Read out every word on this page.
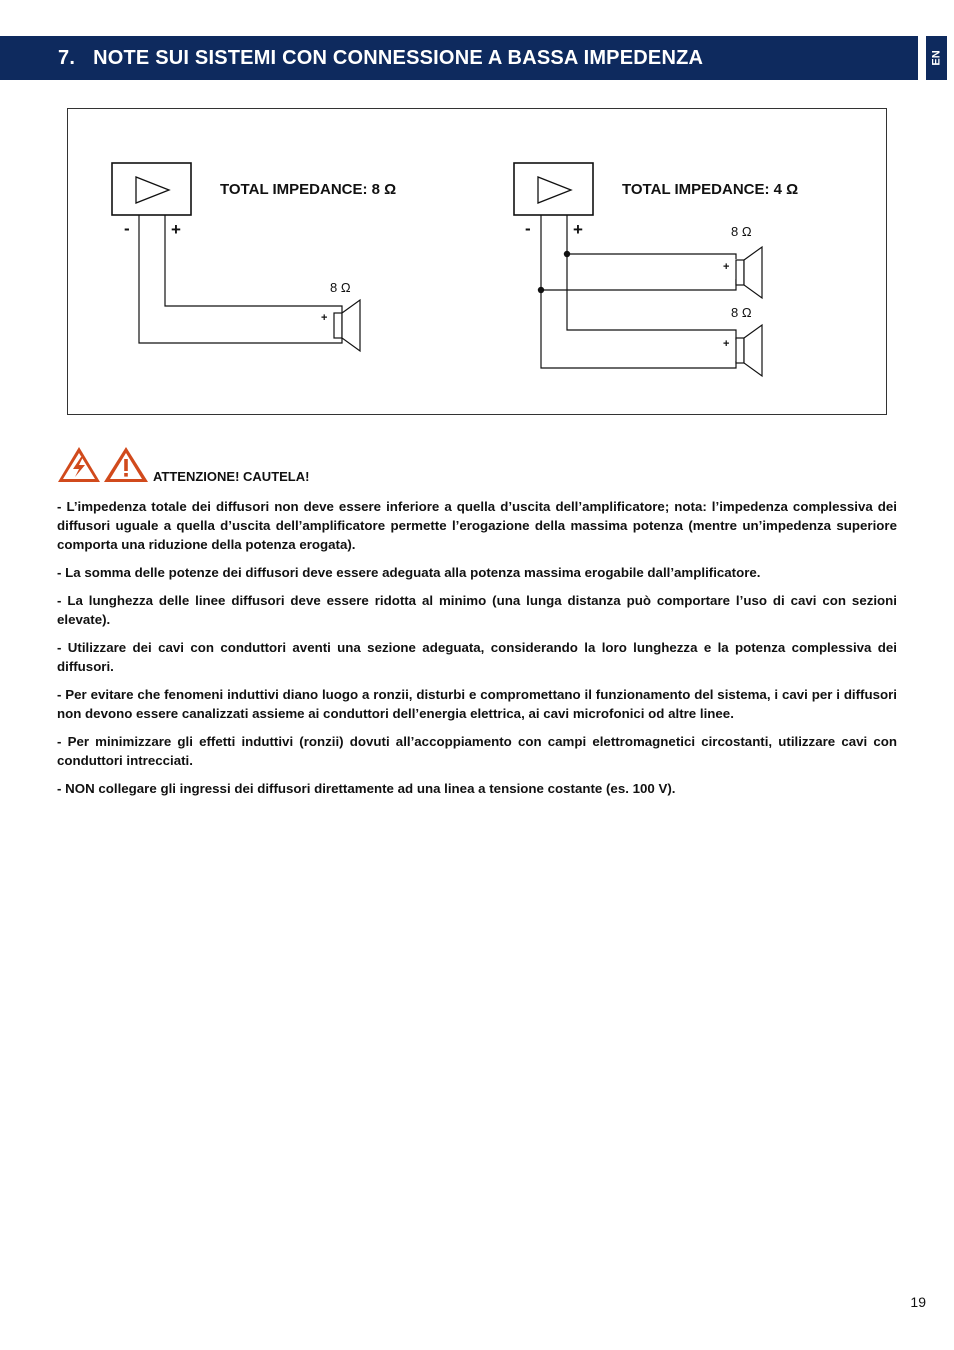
7. NOTE SUI SISTEMI CON CONNESSIONE A BASSA IMPEDENZA	EN
TOTAL IMPEDANCE: 8 Ω
- +
8 Ω
+
TOTAL IMPEDANCE: 4 Ω
- +	8 Ω
+
8 Ω
+
ATTENZIONE! CAUTELA!

- L’impedenza totale dei diffusori non deve essere inferiore a quella d’uscita dell’amplificatore; nota: l’impedenza complessiva dei diffusori uguale a quella d’uscita dell’amplificatore permette l’erogazione della massima potenza (mentre un’impedenza superiore comporta una riduzione della potenza erogata).

- La somma delle potenze dei diffusori deve essere adeguata alla potenza massima erogabile dall’amplificatore.

- La lunghezza delle linee diffusori deve essere ridotta al minimo (una lunga distanza può comportare l’uso di cavi con sezioni elevate).

- Utilizzare dei cavi con conduttori aventi una sezione adeguata, considerando la loro lunghezza e la potenza complessiva dei diffusori.

- Per evitare che fenomeni induttivi diano luogo a ronzii, disturbi e compromettano il funzionamento del sistema, i cavi per i diffusori non devono essere canalizzati assieme ai conduttori dell’energia elettrica, ai cavi microfonici od altre linee.

- Per minimizzare gli effetti induttivi (ronzii) dovuti all’accoppiamento con campi elettromagnetici circostanti, utilizzare cavi con conduttori intrecciati.

- NON collegare gli ingressi dei diffusori direttamente ad una linea a tensione costante (es. 100 V).

19
